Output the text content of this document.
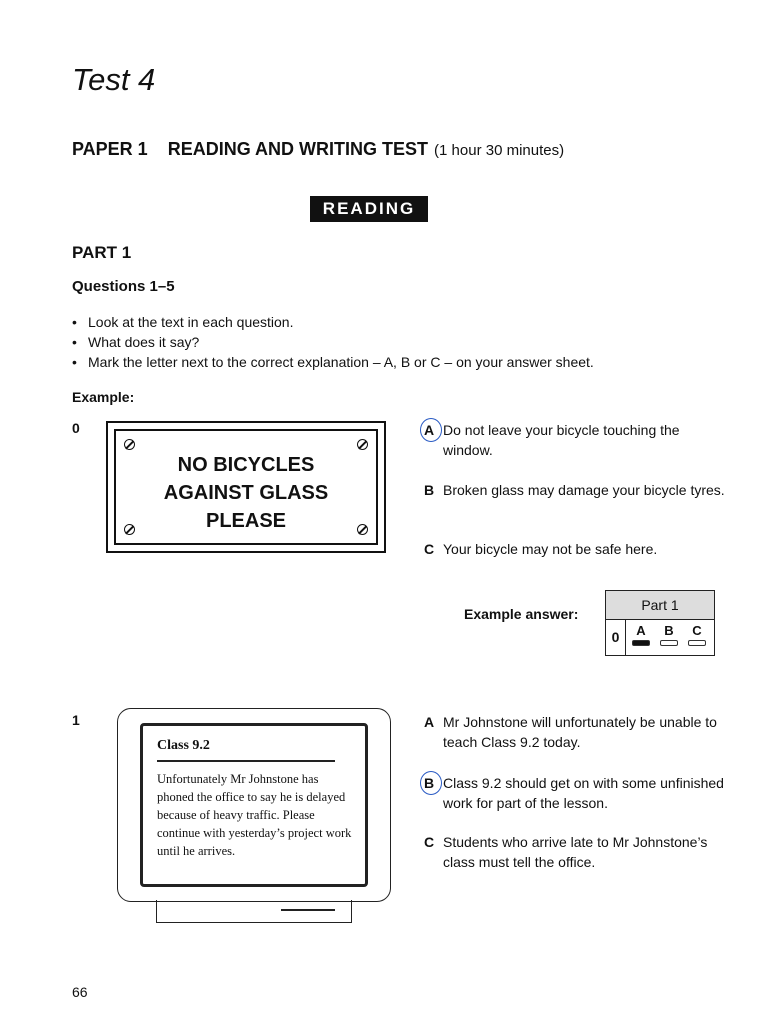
Test 4
PAPER 1 READING AND WRITING TEST (1 hour 30 minutes)
READING
PART 1
Questions 1–5
• Look at the text in each question.
• What does it say?
• Mark the letter next to the correct explanation – A, B or C – on your answer sheet.
Example:
0
NO BICYCLES
AGAINST GLASS
PLEASE
A Do not leave your bicycle touching the window.
B Broken glass may damage your bicycle tyres.
C Your bicycle may not be safe here.
Example answer:
Part 1
0	A	B	C
1
Class 9.2
Unfortunately Mr Johnstone has phoned the office to say he is delayed because of heavy traffic. Please continue with yesterday’s project work until he arrives.
A Mr Johnstone will unfortunately be unable to teach Class 9.2 today.
B Class 9.2 should get on with some unfinished work for part of the lesson.
C Students who arrive late to Mr Johnstone’s class must tell the office.
66
